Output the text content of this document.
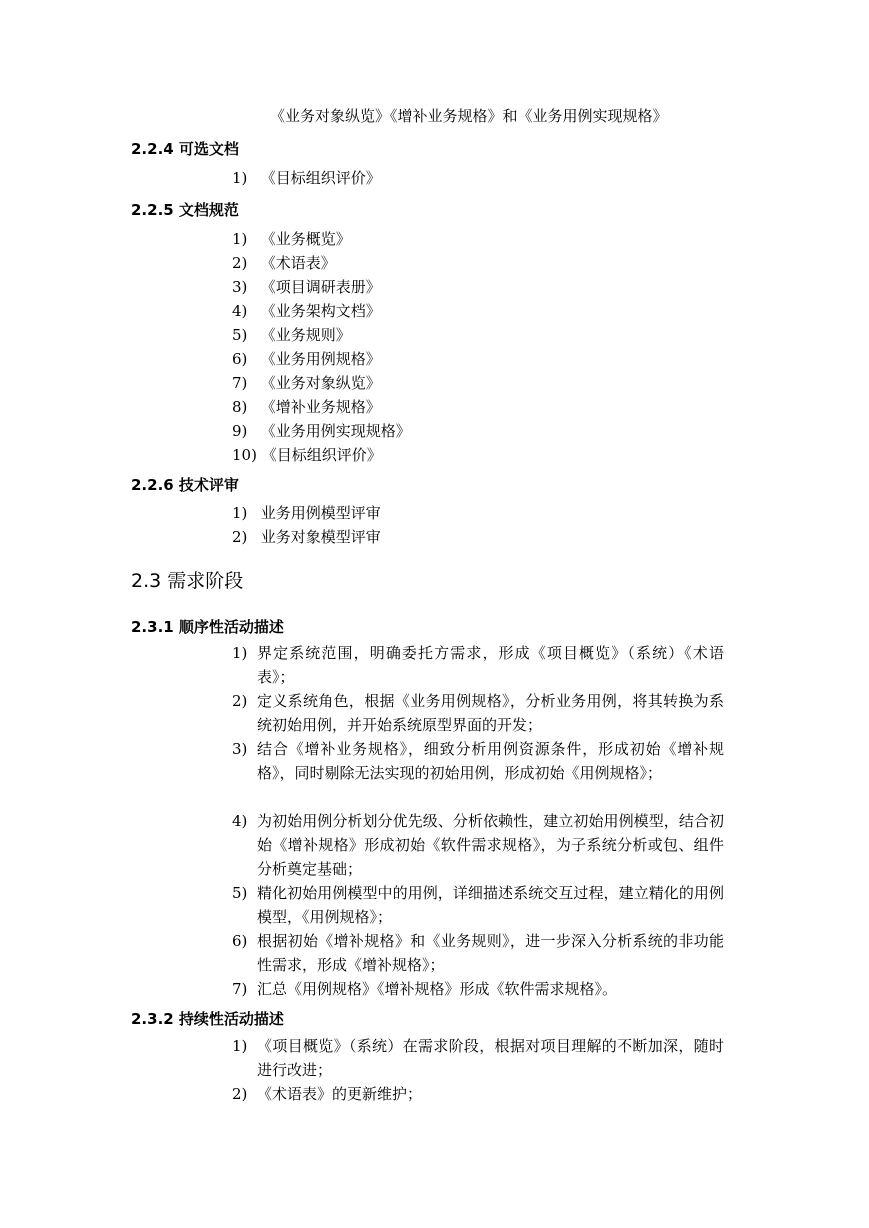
《业务对象纵览》《增补业务规格》和《业务用例实现规格》
2.2.4 可选文档
1) 《目标组织评价》
2.2.5 文档规范
1) 《业务概览》
2) 《术语表》
3) 《项目调研表册》
4) 《业务架构文档》
5) 《业务规则》
6) 《业务用例规格》
7) 《业务对象纵览》
8) 《增补业务规格》
9) 《业务用例实现规格》
10) 《目标组织评价》
2.2.6 技术评审
1) 业务用例模型评审
2) 业务对象模型评审
2.3 需求阶段
2.3.1 顺序性活动描述
1) 界定系统范围，明确委托方需求，形成《项目概览》（系统）《术语表》；
2) 定义系统角色，根据《业务用例规格》，分析业务用例，将其转换为系统初始用例，并开始系统原型界面的开发；
3) 结合《增补业务规格》，细致分析用例资源条件，形成初始《增补规格》，同时剔除无法实现的初始用例，形成初始《用例规格》；
4) 为初始用例分析划分优先级、分析依赖性，建立初始用例模型，结合初始《增补规格》形成初始《软件需求规格》，为子系统分析或包、组件分析奠定基础；
5) 精化初始用例模型中的用例，详细描述系统交互过程，建立精化的用例模型，《用例规格》；
6) 根据初始《增补规格》和《业务规则》，进一步深入分析系统的非功能性需求，形成《增补规格》；
7) 汇总《用例规格》《增补规格》形成《软件需求规格》。
2.3.2 持续性活动描述
1) 《项目概览》（系统）在需求阶段，根据对项目理解的不断加深，随时进行改进；
2) 《术语表》的更新维护；
